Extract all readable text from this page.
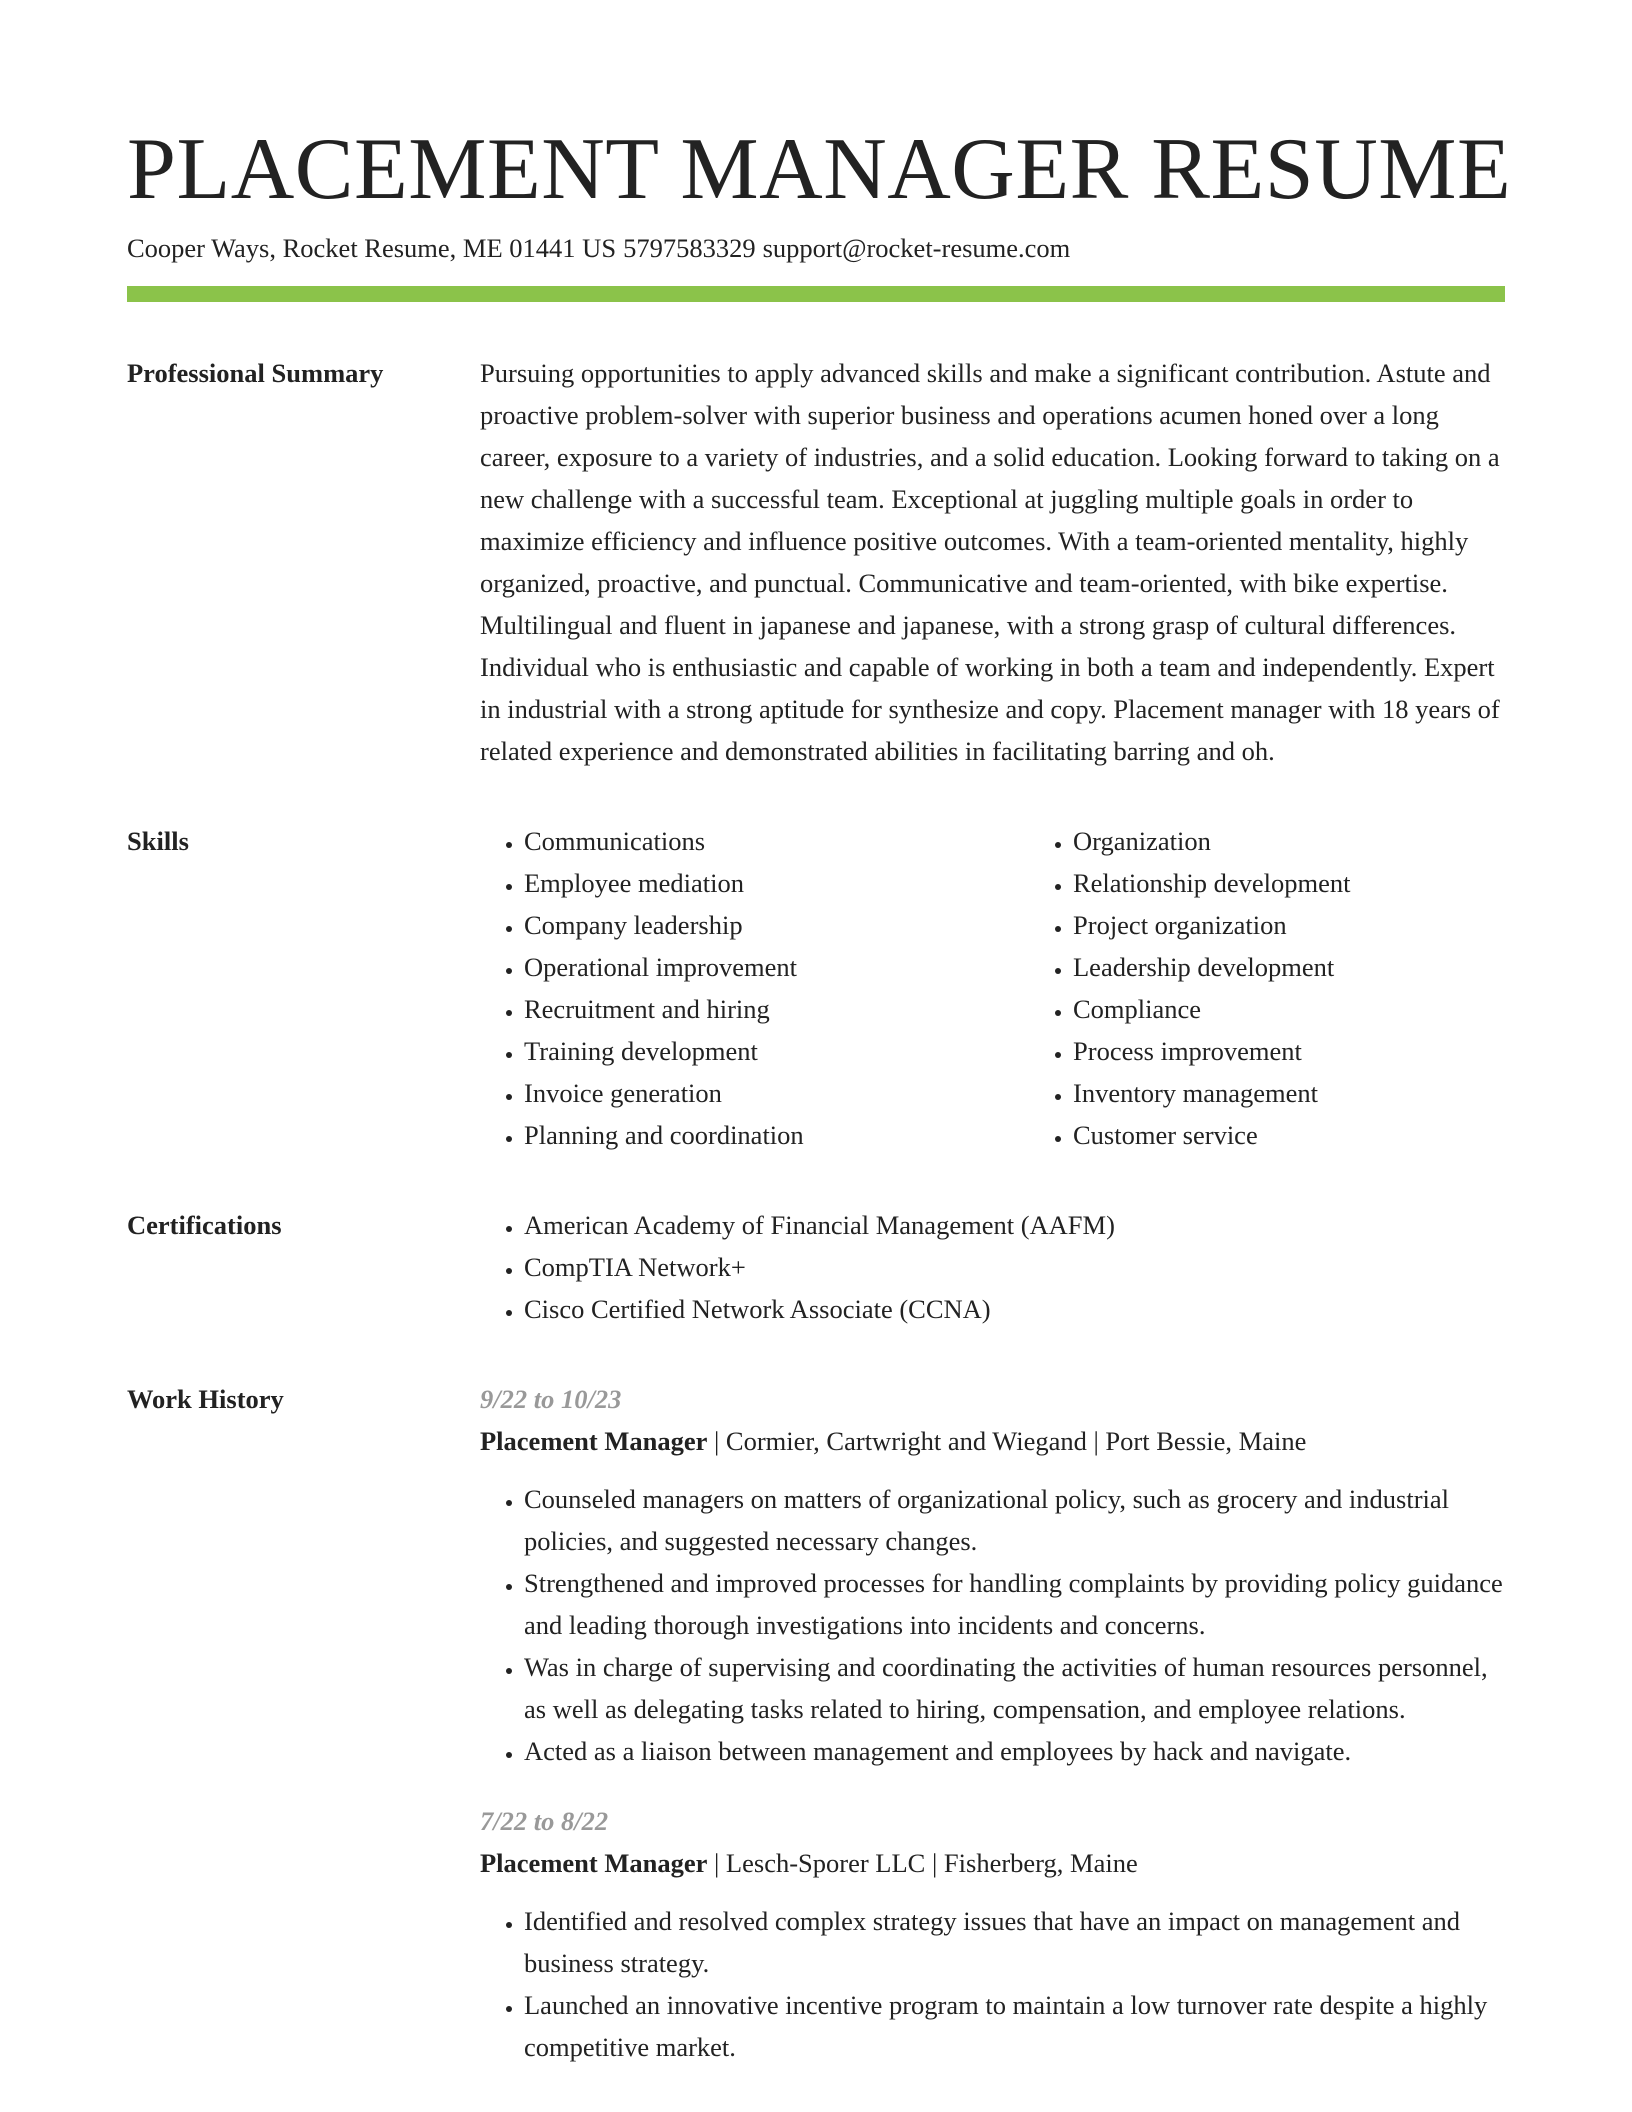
PLACEMENT MANAGER RESUME
Cooper Ways, Rocket Resume, ME 01441 US 5797583329 support@rocket-resume.com
Professional Summary	Pursuing opportunities to apply advanced skills and make a significant contribution. Astute and proactive problem-solver with superior business and operations acumen honed over a long career, exposure to a variety of industries, and a solid education. Looking forward to taking on a new challenge with a successful team. Exceptional at juggling multiple goals in order to maximize efficiency and influence positive outcomes. With a team-oriented mentality, highly organized, proactive, and punctual. Communicative and team-oriented, with bike expertise. Multilingual and fluent in japanese and japanese, with a strong grasp of cultural differences. Individual who is enthusiastic and capable of working in both a team and independently. Expert in industrial with a strong aptitude for synthesize and copy. Placement manager with 18 years of related experience and demonstrated abilities in facilitating barring and oh.

Skills	• Communications
• Employee mediation
• Company leadership
• Operational improvement
• Recruitment and hiring
• Training development
• Invoice generation
• Planning and coordination
• Organization
• Relationship development
• Project organization
• Leadership development
• Compliance
• Process improvement
• Inventory management
• Customer service
Certifications	• American Academy of Financial Management (AAFM)
• CompTIA Network+
• Cisco Certified Network Associate (CCNA)
Work History	9/22 to 10/23
Placement Manager | Cormier, Cartwright and Wiegand | Port Bessie, Maine
• Counseled managers on matters of organizational policy, such as grocery and industrial policies, and suggested necessary changes.
• Strengthened and improved processes for handling complaints by providing policy guidance and leading thorough investigations into incidents and concerns.
• Was in charge of supervising and coordinating the activities of human resources personnel, as well as delegating tasks related to hiring, compensation, and employee relations.
• Acted as a liaison between management and employees by hack and navigate.
7/22 to 8/22
Placement Manager | Lesch-Sporer LLC | Fisherberg, Maine
• Identified and resolved complex strategy issues that have an impact on management and business strategy.
• Launched an innovative incentive program to maintain a low turnover rate despite a highly competitive market.
